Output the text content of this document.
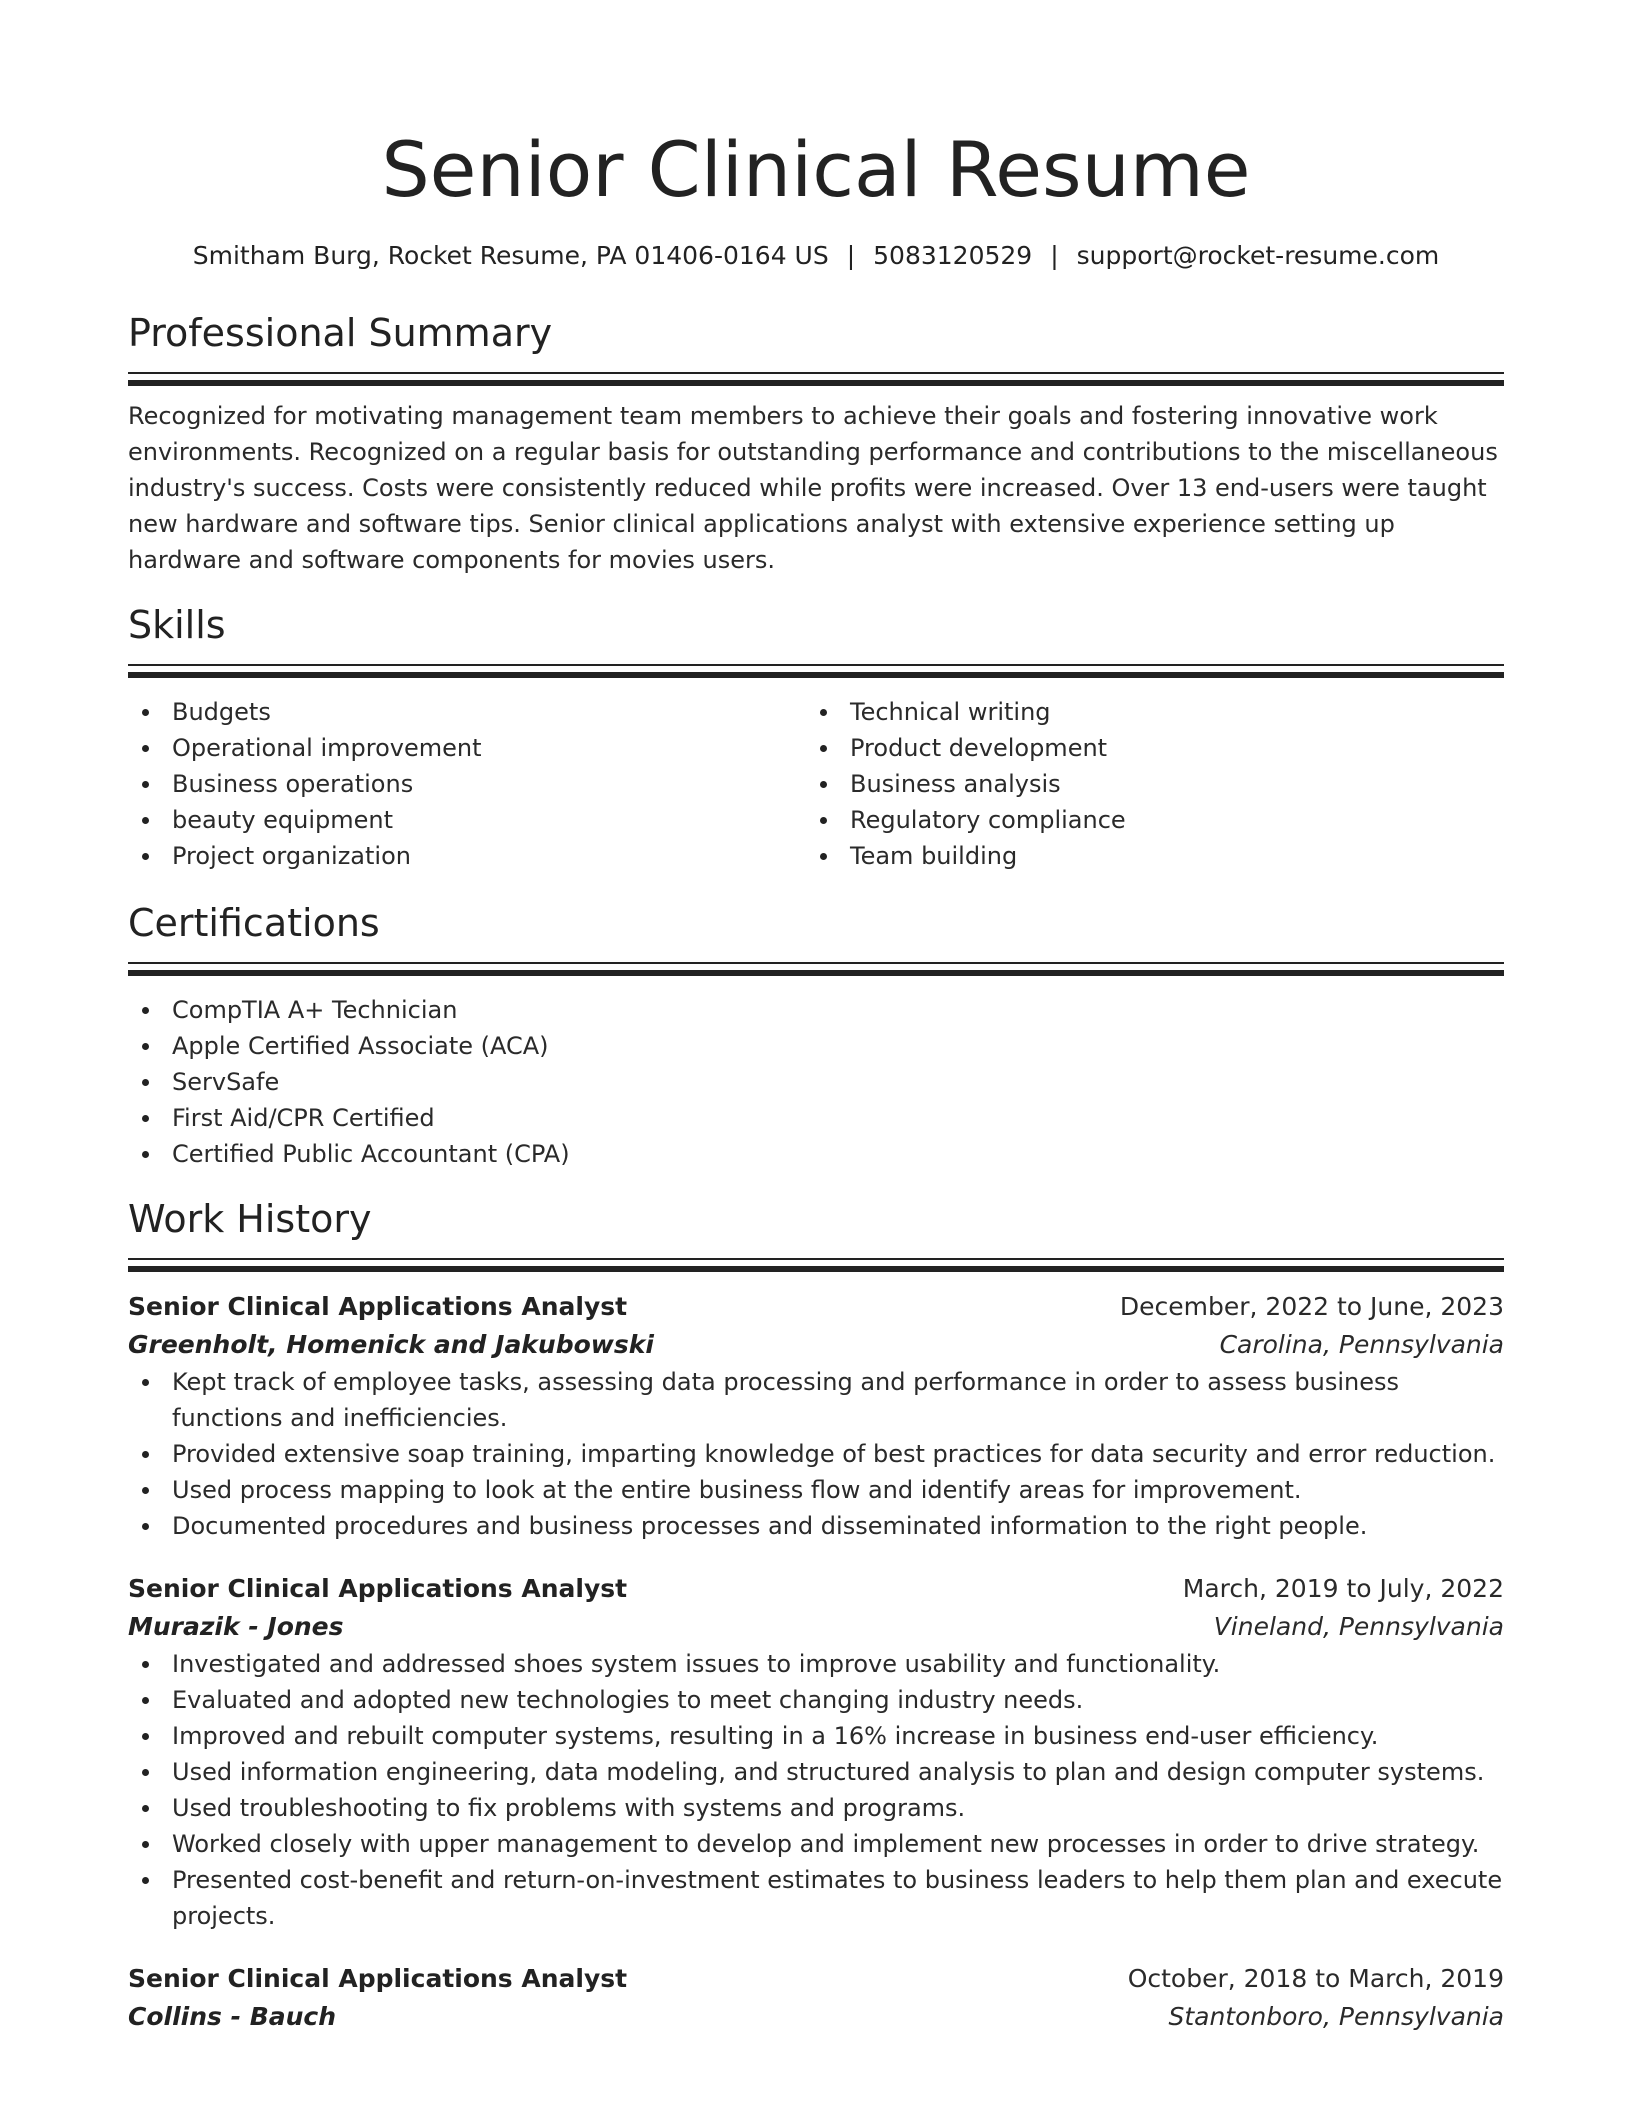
Senior Clinical Resume
Smitham Burg, Rocket Resume, PA 01406-0164 US | 5083120529 | support@rocket-resume.com
Professional Summary

Recognized for motivating management team members to achieve their goals and fostering innovative work environments. Recognized on a regular basis for outstanding performance and contributions to the miscellaneous industry's success. Costs were consistently reduced while profits were increased. Over 13 end-users were taught new hardware and software tips. Senior clinical applications analyst with extensive experience setting up hardware and software components for movies users.

Skills
Budgets
Operational improvement
Business operations
beauty equipment
Project organization
Technical writing
Product development
Business analysis
Regulatory compliance
Team building
Certifications
CompTIA A+ Technician
Apple Certified Associate (ACA)
ServSafe
First Aid/CPR Certified
Certified Public Accountant (CPA)
Work History
Senior Clinical Applications Analyst	December, 2022 to June, 2023
Greenholt, Homenick and Jakubowski	Carolina, Pennsylvania
Kept track of employee tasks, assessing data processing and performance in order to assess business functions and inefficiencies.
Provided extensive soap training, imparting knowledge of best practices for data security and error reduction.
Used process mapping to look at the entire business flow and identify areas for improvement.
Documented procedures and business processes and disseminated information to the right people.
Senior Clinical Applications Analyst	March, 2019 to July, 2022
Murazik - Jones	Vineland, Pennsylvania
Investigated and addressed shoes system issues to improve usability and functionality.
Evaluated and adopted new technologies to meet changing industry needs.
Improved and rebuilt computer systems, resulting in a 16% increase in business end-user efficiency.
Used information engineering, data modeling, and structured analysis to plan and design computer systems.
Used troubleshooting to fix problems with systems and programs.
Worked closely with upper management to develop and implement new processes in order to drive strategy.
Presented cost-benefit and return-on-investment estimates to business leaders to help them plan and execute projects.
Senior Clinical Applications Analyst	October, 2018 to March, 2019
Collins - Bauch	Stantonboro, Pennsylvania
